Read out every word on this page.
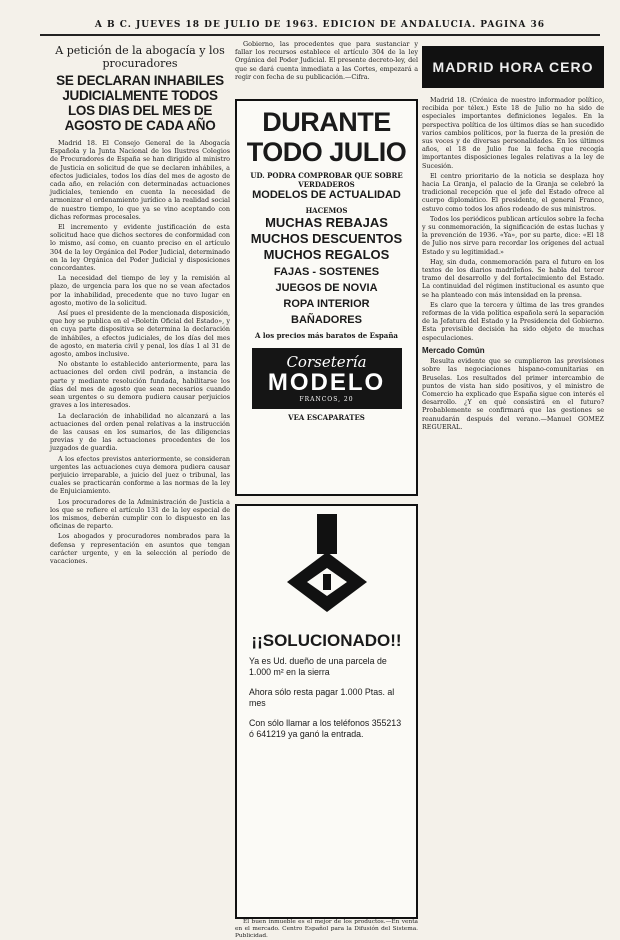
A B C. JUEVES 18 DE JULIO DE 1963. EDICION DE ANDALUCIA. PAGINA 36
A petición de la abogacía y los procuradores
SE DECLARAN INHABILES JUDICIALMENTE TODOS LOS DIAS DEL MES DE AGOSTO DE CADA AÑO

Madrid 18. El Consejo General de la Abogacía Española y la Junta Nacional de los Ilustres Colegios de Procuradores de España se han dirigido al ministro de Justicia en solicitud de que se declaren inhábiles, a efectos judiciales, todos los días del mes de agosto de cada año, en relación con determinadas actuaciones judiciales, teniendo en cuenta la necesidad de armonizar el ordenamiento jurídico a la realidad social de nuestro tiempo, lo que ya se vino aceptando con dichas reformas procesales.

El incremento y evidente justificación de esta solicitud hace que dichos sectores de conformidad con lo mismo, así como, en cuanto preciso en el artículo 304 de la ley Orgánica del Poder Judicial, determinado en la ley Orgánica del Poder Judicial y disposiciones concordantes.

La necesidad del tiempo de ley y la remisión al plazo, de urgencia para los que no se vean afectados por la inhabilidad, precedente que no tuvo lugar en agosto, motivo de la solicitud.

Así pues el presidente de la mencionada disposición, que hoy se publica en el «Boletín Oficial del Estado», y en cuya parte dispositiva se determina la declaración de inhábiles, a efectos judiciales, de los días del mes de agosto, en materia civil y penal, los días 1 al 31 de agosto, ambos inclusive.

No obstante lo establecido anteriormente, para las actuaciones del orden civil podrán, a instancia de parte y mediante resolución fundada, habilitarse los días del mes de agosto que sean necesarios cuando sean urgentes o su demora pudiera causar perjuicios graves a los interesados.

La declaración de inhabilidad no alcanzará a las actuaciones del orden penal relativas a la instrucción de las causas en los sumarios, de las diligencias previas y de las actuaciones procedentes de los juzgados de guardia.

A los efectos previstos anteriormente, se consideran urgentes las actuaciones cuya demora pudiera causar perjuicio irreparable, a juicio del juez o tribunal, las cuales se practicarán conforme a las normas de la ley de Enjuiciamiento.

Los procuradores de la Administración de Justicia a los que se refiere el artículo 131 de la ley especial de los mismos, deberán cumplir con lo dispuesto en las oficinas de reparto.

Los abogados y procuradores nombrados para la defensa y representación en asuntos que tengan carácter urgente, y en la selección al período de vacaciones.

Gobierno, las procedentes que para sustanciar y fallar los recursos establece el artículo 304 de la ley Orgánica del Poder Judicial. El presente decreto-ley, del que se dará cuenta inmediata a las Cortes, empezará a regir con fecha de su publicación.—Cifra.

DURANTE
TODO JULIO
UD. PODRA COMPROBAR QUE SOBRE VERDADEROS
MODELOS DE ACTUALIDAD
HACEMOS
MUCHAS REBAJAS
MUCHOS DESCUENTOS
MUCHOS REGALOS
FAJAS - SOSTENES
JUEGOS DE NOVIA
ROPA INTERIOR
BAÑADORES
A los precios más baratos de España
Corsetería
MODELO
FRANCOS, 20
VEA ESCAPARATES
¡¡SOLUCIONADO!!
Ya es Ud. dueño de una parcela de 1.000 m² en la sierra
Ahora sólo resta pagar 1.000 Ptas. al mes
Con sólo llamar a los teléfonos 355213 ó 641219 ya ganó la entrada.

El buen inmueble es el mejor de los productos.—En venta en el mercado. Centro Español para la Difusión del Sistema. Publicidad.

MADRID HORA CERO

Madrid 18. (Crónica de nuestro informador político, recibida por télex.) Este 18 de Julio no ha sido de especiales importantes definiciones legales. En la perspectiva política de los últimos días se han sucedido varios cambios políticos, por la fuerza de la presión de sus voces y de diversas personalidades. En los últimos años, el 18 de Julio fue la fecha que recogía importantes disposiciones legales relativas a la ley de Sucesión.

El centro prioritario de la noticia se desplaza hoy hacia La Granja, el palacio de la Granja se celebró la tradicional recepción que el jefe del Estado ofrece al cuerpo diplomático. El presidente, el general Franco, estuvo como todos los años rodeado de sus ministros.

Todos los periódicos publican artículos sobre la fecha y su conmemoración, la significación de estas luchas y la prevención de 1936. «Ya», por su parte, dice: «El 18 de Julio nos sirve para recordar los orígenes del actual Estado y su legitimidad.»

Hay, sin duda, conmemoración para el futuro en los textos de los diarios madrileños. Se habla del tercer tramo del desarrollo y del fortalecimiento del Estado. La continuidad del régimen institucional es asunto que se ha planteado con más intensidad en la prensa.

Es claro que la tercera y última de las tres grandes reformas de la vida política española será la separación de la Jefatura del Estado y la Presidencia del Gobierno. Esta previsible decisión ha sido objeto de muchas especulaciones.

Mercado Común

Resulta evidente que se cumplieron las previsiones sobre las negociaciones hispano-comunitarias en Bruselas. Los resultados del primer intercambio de puntos de vista han sido positivos, y el ministro de Comercio ha explicado que España sigue con interés el desarrollo. ¿Y en qué consistirá en el futuro? Probablemente se confirmará que las gestiones se reanudarán después del verano.—Manuel GOMEZ REGUERAL.
